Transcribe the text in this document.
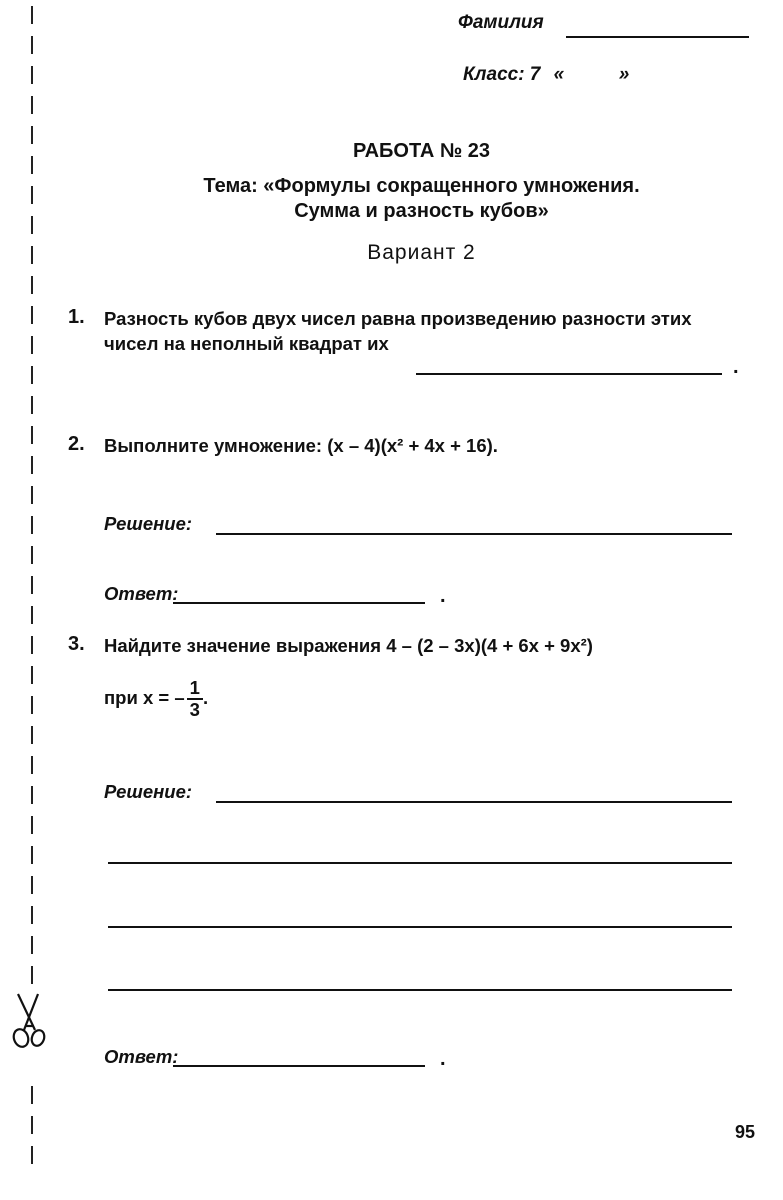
Фамилия
Класс: 7 «	»
РАБОТА № 23
Тема: «Формулы сокращенного умножения.
Сумма и разность кубов»
Вариант 2
1. Разность кубов двух чисел равна произведению разности этих
чисел на неполный квадрат их
.
2. Выполните умножение: (x – 4)(x² + 4x + 16).
Решение:
Ответ:	.
3. Найдите значение выражения 4 – (2 – 3x)(4 + 6x + 9x²)
при x = – $\frac{1}{3}$ .
Решение:
Ответ:	.
95
